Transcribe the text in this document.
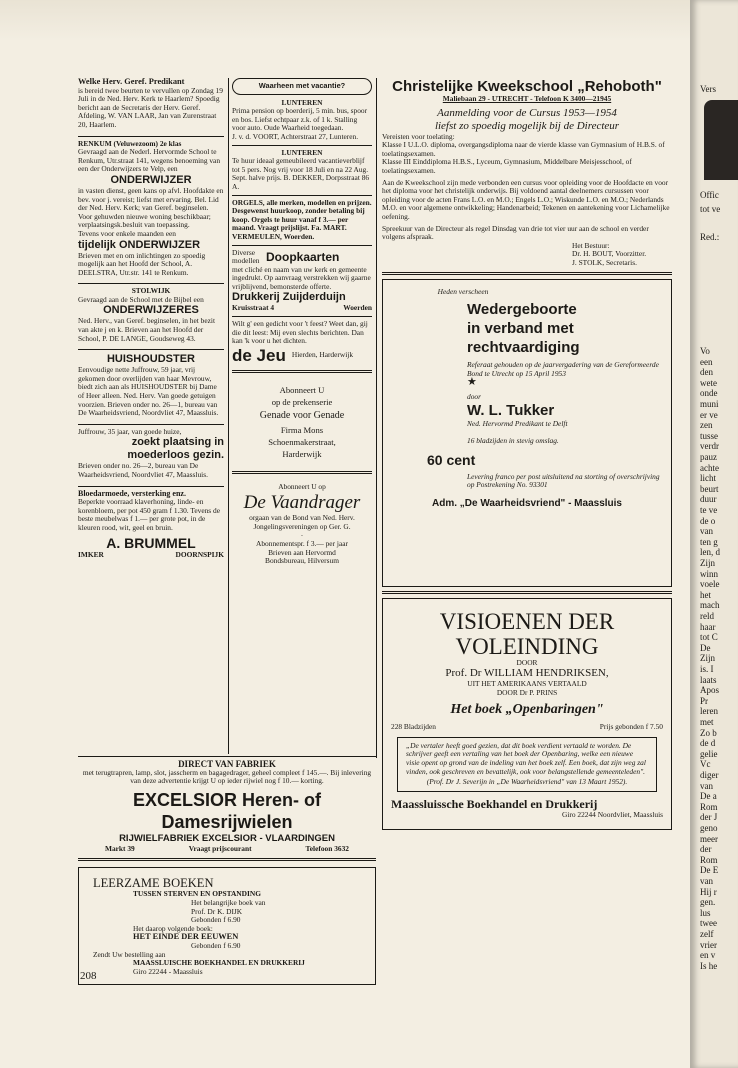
Welke Herv. Geref. Predikant
is bereid twee beurten te vervullen op Zondag 19 Juli in de Ned. Herv. Kerk te Haarlem? Spoedig bericht aan de Secretaris der Herv. Geref. Afdeling, W. VAN LAAR, Jan van Zurenstraat 20, Haarlem.
RENKUM (Veluwezoom) 2e klas
Gevraagd aan de Nederl. Hervormde School te Renkum, Utr.straat 141, wegens benoeming van een der Onderwijzers te Velp, een
ONDERWIJZER
in vasten dienst, geen kans op afvl. Hoofdakte en bev. voor j. vereist; liefst met ervaring. Bel. Lid der Ned. Herv. Kerk; van Geref. beginselen. Voor gehuwden nieuwe woning beschikbaar; verplaatsingsk.besluit van toepassing.
Tevens voor enkele maanden een
tijdelijk ONDERWIJZER
Brieven met en om inlichtingen zo spoedig mogelijk aan het Hoofd der School, A. DEELSTRA, Utr.str. 141 te Renkum.
STOLWIJK
Gevraagd aan de School met de Bijbel een
ONDERWIJZERES
Ned. Herv., van Geref. beginselen, in het bezit van akte j en k. Brieven aan het Hoofd der School, P. DE LANGE, Goudseweg 43.
HUISHOUDSTER
Eenvoudige nette Juffrouw, 59 jaar, vrij gekomen door overlijden van haar Mevrouw, biedt zich aan als HUISHOUDSTER bij Dame of Heer alleen. Ned. Herv. Van goede getuigen voorzien. Brieven onder no. 26—1, bureau van De Waarheidsvriend, Noordvliet 47, Maassluis.
Juffrouw, 35 jaar, van goede huize,
zoekt plaatsing in moederloos gezin.
Brieven onder no. 26—2, bureau van De Waarheidsvriend, Noordvliet 47, Maassluis.
Bloedarmoede, versterking enz.
Beperkte voorraad klaverhoning, linde- en korenbloem, per pot 450 gram f 1.30. Tevens de beste meubelwas f 1.— per grote pot, in de kleuren rood, wit, geel en bruin.
A. BRUMMEL
IMKER	DOORNSPIJK
Waarheen met vacantie?
LUNTEREN
Prima pension op boerderij, 5 min. bus, spoor en bos. Liefst echtpaar z.k. of 1 k. Stalling voor auto. Oude Waarheid toegedaan.
J. v. d. VOORT, Achterstraat 27, Lunteren.
LUNTEREN
Te huur ideaal gemeubileerd vacantieverblijf tot 5 pers. Nog vrij voor 18 Juli en na 22 Aug. Sept. halve prijs. B. DEKKER, Dorpsstraat 86 A.
ORGELS, alle merken, modellen en prijzen. Desgewenst huurkoop, zonder betaling bij koop. Orgels te huur vanaf f 3.— per maand. Vraagt prijslijst. Fa. MART. VERMEULEN, Woerden.
Diverse modellen Doopkaarten
met cliché en naam van uw kerk en gemeente ingedrukt. Op aanvraag verstrekken wij gaarne vrijblijvend, bemonsterde offerte.
Drukkerij Zuijderduijn
Kruisstraat 4	Woerden
Wilt g' een gedicht voor 't feest? Weet dan, gij die dit leest: Mij even slechts berichten. Dan kan 'k voor u het dichten.
de Jeu Hierden, Harderwijk
Abonneert U
op de prekenserie
Genade voor Genade
Firma Mons
Schoenmakerstraat,
Harderwijk
Abonneert U op
De Vaandrager
orgaan van de Bond van Ned. Herv. Jongelingsvereningen op Ger. G.
·
Abonnementspr. f 3.— per jaar
Brieven aan Hervormd
Bondsbureau, Hilversum
DIRECT VAN FABRIEK
met terugtrapren, lamp, slot, jasscherm en bagagedrager, geheel compleet f 145.—. Bij inlevering van deze advertentie krijgt U op ieder rijwiel nog f 10.— korting.
EXCELSIOR Heren- of Damesrijwielen
RIJWIELFABRIEK EXCELSIOR - VLAARDINGEN
Markt 39	Vraagt prijscourant	Telefoon 3632
LEERZAME BOEKEN
TUSSEN STERVEN EN OPSTANDING
Het belangrijke boek van
Prof. Dr K. DIJK
Gebonden f 6.90
Het daarop volgende boek:
HET EINDE DER EEUWEN
Gebonden f 6.90
Zendt Uw bestelling aan
MAASSLUISCHE BOEKHANDEL EN DRUKKERIJ
Giro 22244 - Maassluis
208
Christelijke Kweekschool „Rehoboth"
Maliebaan 29 - UTRECHT - Telefoon K 3400—21945
Aanmelding voor de Cursus 1953—1954
liefst zo spoedig mogelijk bij de Directeur
Vereisten voor toelating:
Klasse I U.L.O. diploma, overgangsdiploma naar de vierde klasse van Gymnasium of H.B.S. of toelatingsexamen.
Klasse III Einddiploma H.B.S., Lyceum, Gymnasium, Middelbare Meisjesschool, of toelatingsexamen.
Aan de Kweekschool zijn mede verbonden een cursus voor opleiding voor de Hoofdacte en voor het diploma voor het christelijk onderwijs. Bij voldoend aantal deelnemers cursussen voor opleiding voor de acten Frans L.O. en M.O.; Engels L.O.; Wiskunde L.O. en M.O.; Nederlands M.O. en voor algemene ontwikkeling; Handenarbeid; Tekenen en aantekening voor Lichamelijke oefening.
Spreekuur van de Directeur als regel Dinsdag van drie tot vier uur aan de school en verder volgens afspraak.
Het Bestuur:
Dr. H. BOUT, Voorzitter.
J. STOLK, Secretaris.
Heden verscheen
Wedergeboorte
in verband met
rechtvaardiging
Referaat gehouden op de jaarvergadering van de Gereformeerde Bond te Utrecht op 15 April 1953
★
door
W. L. Tukker
Ned. Hervormd Predikant te Delft
16 bladzijden in stevig omslag.
60 cent
Levering franco per post uitsluitend na storting of overschrijving op Postrekening No. 93301
Adm. „De Waarheidsvriend" - Maassluis
VISIOENEN DER
VOLEINDING
DOOR
Prof. Dr WILLIAM HENDRIKSEN,
UIT HET AMERIKAANS VERTAALD
DOOR Dr P. PRINS
Het boek „Openbaringen"
228 Bladzijden	Prijs gebonden f 7.50
„De vertaler heeft goed gezien, dat dit boek verdient vertaald te worden. De schrijver geeft een vertaling van het boek der Openbaring, welke een nieuwe visie opent op grond van de indeling van het boek zelf. Een boek, dat zijn weg zal vinden, ook geschreven en bevattelijk, ook voor belangstellende gemeenteleden".
(Prof. Dr J. Severijn in „De Waarheidsvriend" van 13 Maart 1952).
Maassluissche Boekhandel en Drukkerij
Giro 22244 Noordvliet, Maassluis
Vers
Offic
tot ve
Red.:
Vo
een
den
wete
onde
muni
er ve
zen
tusse
verdr
pauz
achte
licht
beurt
duur
te ve
de o
van
ten g
len, d
Zijn
winn
voele
het
mach
reld
haar
tot C
De
Zijn
is. I
laats
Apos
Pr
leren
met
Zo b
de d
gelie
Vc
diger
van
De a
Rom
der J
geno
meer
der
Rom
De E
van
Hij r
gen.
lus
twee
zelf
vrier
en v
Is he
